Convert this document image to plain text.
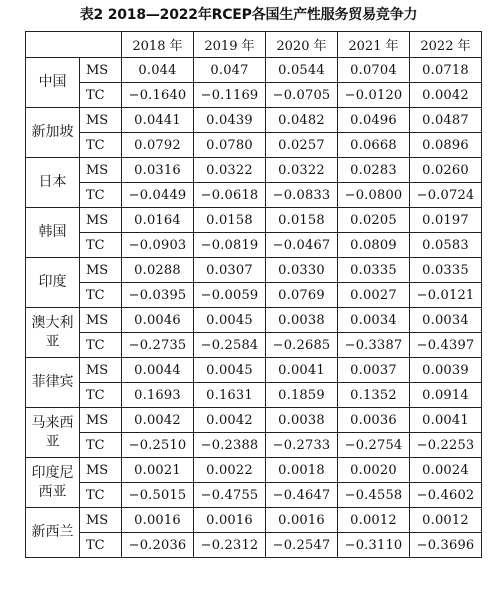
表2 2018—2022年RCEP各国生产性服务贸易竞争力
		2018 年	2019 年	2020 年	2021 年	2022 年
中国	MS	0.044	0.047	0.0544	0.0704	0.0718
	TC	−0.1640	−0.1169	−0.0705	−0.0120	0.0042
新加坡	MS	0.0441	0.0439	0.0482	0.0496	0.0487
	TC	0.0792	0.0780	0.0257	0.0668	0.0896
日本	MS	0.0316	0.0322	0.0322	0.0283	0.0260
	TC	−0.0449	−0.0618	−0.0833	−0.0800	−0.0724
韩国	MS	0.0164	0.0158	0.0158	0.0205	0.0197
	TC	−0.0903	−0.0819	−0.0467	0.0809	0.0583
印度	MS	0.0288	0.0307	0.0330	0.0335	0.0335
	TC	−0.0395	−0.0059	0.0769	0.0027	−0.0121
澳大利亚	MS	0.0046	0.0045	0.0038	0.0034	0.0034
	TC	−0.2735	−0.2584	−0.2685	−0.3387	−0.4397
菲律宾	MS	0.0044	0.0045	0.0041	0.0037	0.0039
	TC	0.1693	0.1631	0.1859	0.1352	0.0914
马来西亚	MS	0.0042	0.0042	0.0038	0.0036	0.0041
	TC	−0.2510	−0.2388	−0.2733	−0.2754	−0.2253
印度尼西亚	MS	0.0021	0.0022	0.0018	0.0020	0.0024
	TC	−0.5015	−0.4755	−0.4647	−0.4558	−0.4602
新西兰	MS	0.0016	0.0016	0.0016	0.0012	0.0012
	TC	−0.2036	−0.2312	−0.2547	−0.3110	−0.3696
